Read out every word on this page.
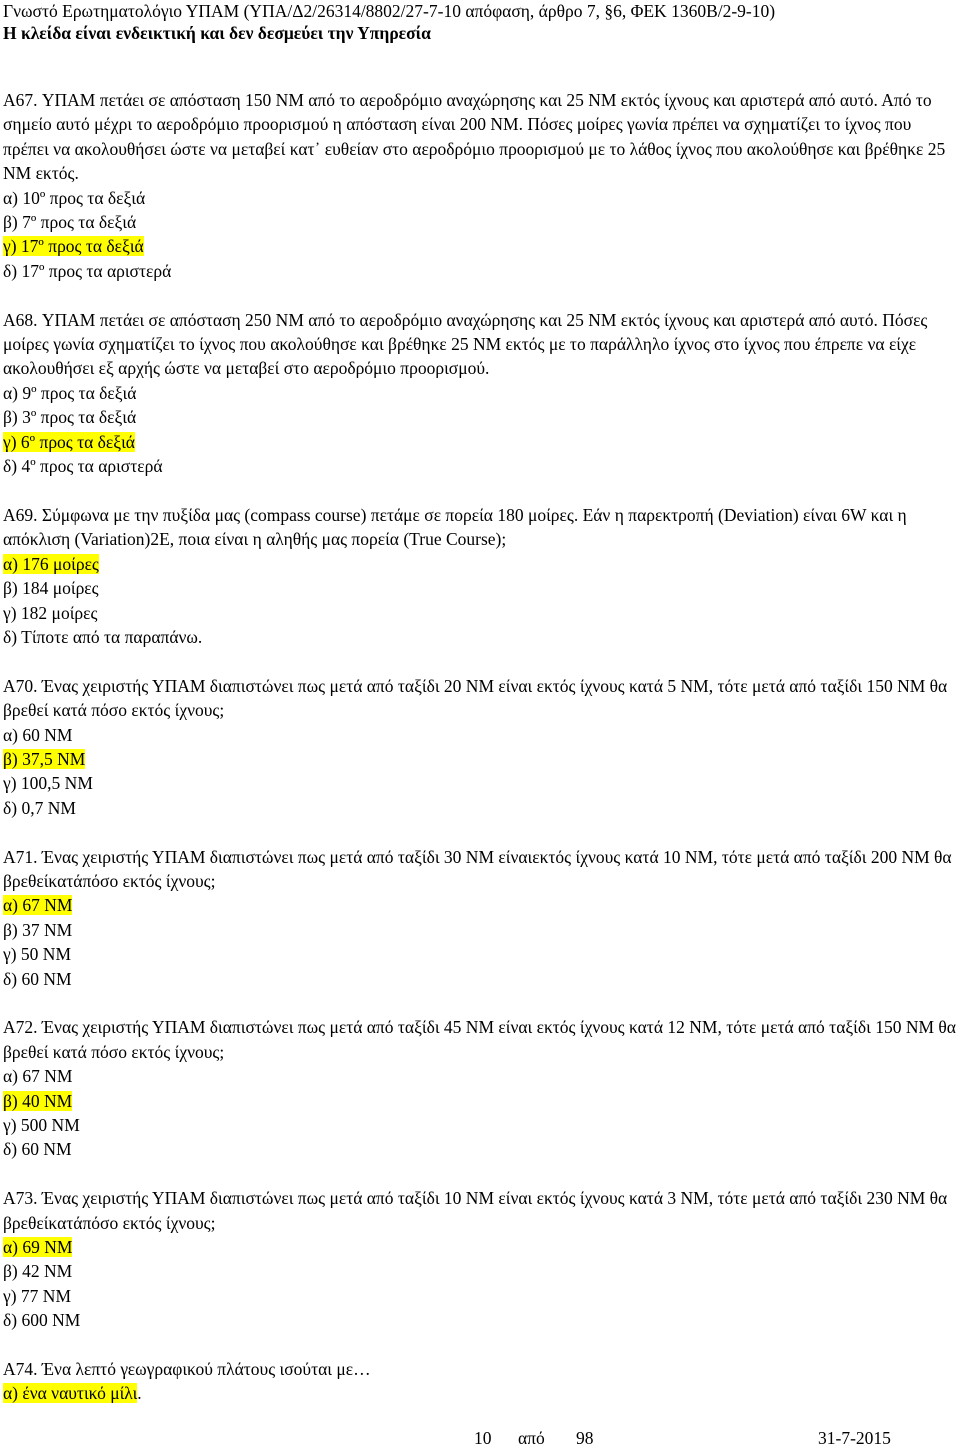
Γνωστό Ερωτηματολόγιο ΥΠΑΜ (ΥΠΑ/Δ2/26314/8802/27-7-10 απόφαση, άρθρο 7, §6, ΦΕΚ 1360Β/2-9-10)
Η κλείδα είναι ενδεικτική και δεν δεσμεύει την Υπηρεσία
A67. ΥΠΑΜ πετάει σε απόσταση 150 ΝΜ από το αεροδρόμιο αναχώρησης και 25 ΝΜ εκτός ίχνους και αριστερά από αυτό. Από το σημείο αυτό μέχρι το αεροδρόμιο προορισμού η απόσταση είναι 200 ΝΜ. Πόσες μοίρες γωνία πρέπει να σχηματίζει το ίχνος που πρέπει να ακολουθήσει ώστε να μεταβεί κατ᾽ ευθείαν στο αεροδρόμιο προορισμού με το λάθος ίχνος που ακολούθησε και βρέθηκε 25 ΝΜ εκτός.
α) 10º προς τα δεξιά
β) 7º προς τα δεξιά
γ) 17º προς τα δεξιά
δ) 17º προς τα αριστερά
A68. ΥΠΑΜ πετάει σε απόσταση 250 ΝΜ από το αεροδρόμιο αναχώρησης και 25 ΝΜ εκτός ίχνους και αριστερά από αυτό. Πόσες μοίρες γωνία σχηματίζει το ίχνος που ακολούθησε και βρέθηκε 25 ΝΜ εκτός με το παράλληλο ίχνος στο ίχνος που έπρεπε να είχε ακολουθήσει εξ αρχής ώστε να μεταβεί στο αεροδρόμιο προορισμού.
α) 9º προς τα δεξιά
β) 3º προς τα δεξιά
γ) 6º προς τα δεξιά
δ) 4º προς τα αριστερά
A69. Σύμφωνα με την πυξίδα μας (compass course) πετάμε σε πορεία 180 μοίρες. Εάν η παρεκτροπή (Deviation) είναι 6W και η απόκλιση (Variation)2E, ποια είναι η αληθής μας πορεία (True Course);
α) 176 μοίρες
β) 184 μοίρες
γ) 182 μοίρες
δ) Τίποτε από τα παραπάνω.
A70. Ένας χειριστής ΥΠΑΜ διαπιστώνει πως μετά από ταξίδι 20 ΝΜ είναι εκτός ίχνους κατά 5 ΝΜ, τότε μετά από ταξίδι 150 ΝΜ θα βρεθεί κατά πόσο εκτός ίχνους;
α) 60 ΝΜ
β) 37,5 ΝΜ
γ) 100,5 ΝΜ
δ) 0,7 ΝΜ
A71. Ένας χειριστής ΥΠΑΜ διαπιστώνει πως μετά από ταξίδι 30 ΝΜ είναιεκτός ίχνους κατά 10 ΝΜ, τότε μετά από ταξίδι 200 ΝΜ θα βρεθείκατάπόσο εκτός ίχνους;
α) 67 ΝΜ
β) 37 ΝΜ
γ) 50 ΝΜ
δ) 60 ΝΜ
A72. Ένας χειριστής ΥΠΑΜ διαπιστώνει πως μετά από ταξίδι 45 ΝΜ είναι εκτός ίχνους κατά 12 ΝΜ, τότε μετά από ταξίδι 150 ΝΜ θα βρεθεί κατά πόσο εκτός ίχνους;
α) 67 ΝΜ
β) 40 ΝΜ
γ) 500 ΝΜ
δ) 60 ΝΜ
A73. Ένας χειριστής ΥΠΑΜ διαπιστώνει πως μετά από ταξίδι 10 ΝΜ είναι εκτός ίχνους κατά 3 ΝΜ, τότε μετά από ταξίδι 230 ΝΜ θα βρεθείκατάπόσο εκτός ίχνους;
α) 69 ΝΜ
β) 42 ΝΜ
γ) 77 ΝΜ
δ) 600 ΝΜ
A74. Ένα λεπτό γεωγραφικού πλάτους ισούται με…
α) ένα ναυτικό μίλι.
10 από 98	31-7-2015
